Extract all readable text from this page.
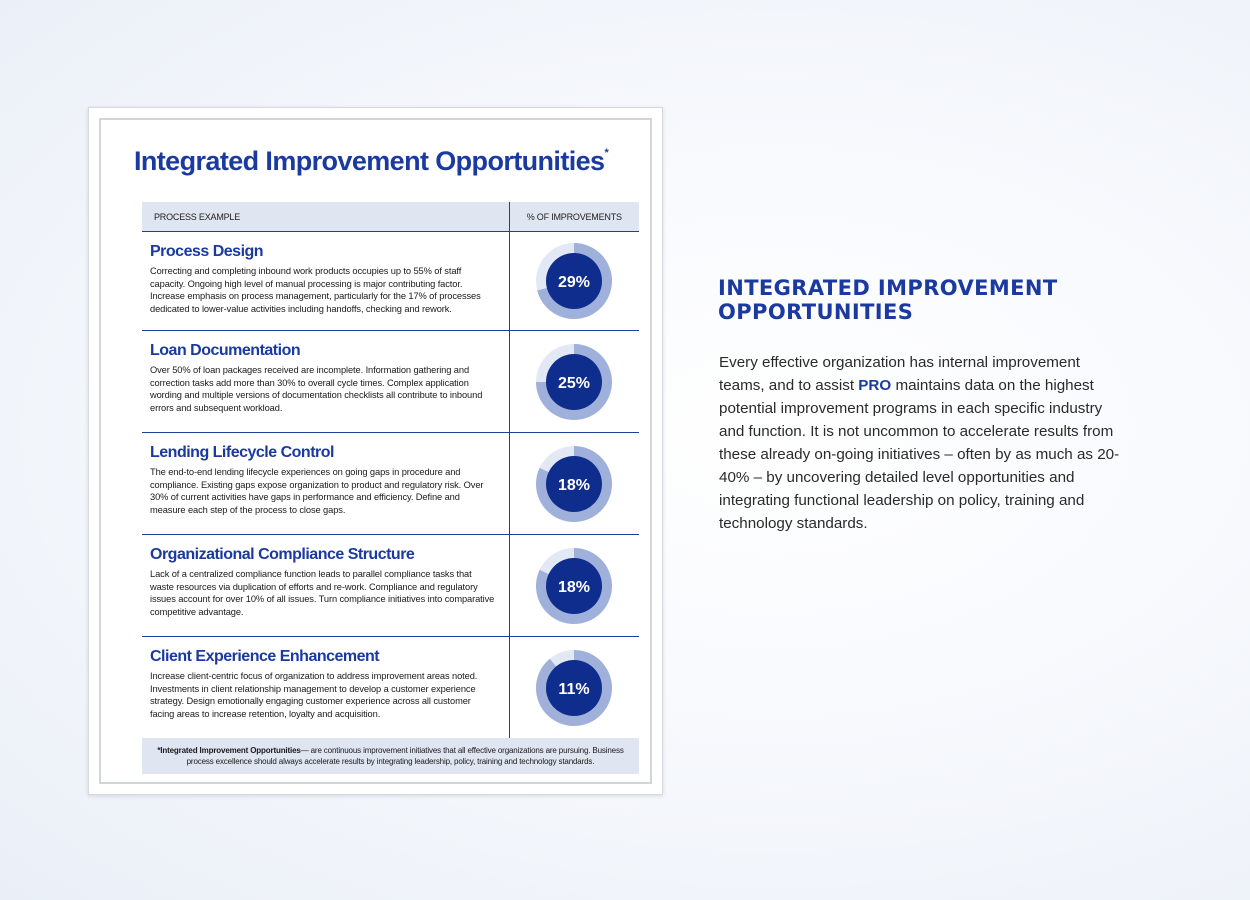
Integrated Improvement Opportunities*
PROCESS EXAMPLE	% OF IMPROVEMENTS

Process Design

Correcting and completing inbound work products occupies up to 55% of staff capacity. Ongoing high level of manual processing is major contributing factor. Increase emphasis on process management, particularly for the 17% of processes dedicated to lower-value activities including handoffs, checking and rework.	29%

Loan Documentation

Over 50% of loan packages received are incomplete. Information gathering and correction tasks add more than 30% to overall cycle times. Complex application wording and multiple versions of documentation checklists all contribute to inbound errors and subsequent workload.	25%

Lending Lifecycle Control

The end-to-end lending lifecycle experiences on going gaps in procedure and compliance. Existing gaps expose organization to product and regulatory risk. Over 30% of current activities have gaps in performance and efficiency. Define and measure each step of the process to close gaps.	18%

Organizational Compliance Structure

Lack of a centralized compliance function leads to parallel compliance tasks that waste resources via duplication of efforts and re-work. Compliance and regulatory issues account for over 10% of all issues. Turn compliance initiatives into comparative competitive advantage.	18%

Client Experience Enhancement

Increase client-centric focus of organization to address improvement areas noted. Investments in client relationship management to develop a customer experience strategy. Design emotionally engaging customer experience across all customer facing areas to increase retention, loyalty and acquisition.	11%
*Integrated Improvement Opportunities— are continuous improvement initiatives that all effective organizations are pursuing. Business process excellence should always accelerate results by integrating leadership, policy, training and technology standards.
INTEGRATED IMPROVEMENT OPPORTUNITIES

Every effective organization has internal improvement teams, and to assist PRO maintains data on the highest potential improvement programs in each specific industry and function. It is not uncommon to accelerate results from these already on-going initiatives – often by as much as 20-40% – by uncovering detailed level opportunities and integrating functional leadership on policy, training and technology standards.
